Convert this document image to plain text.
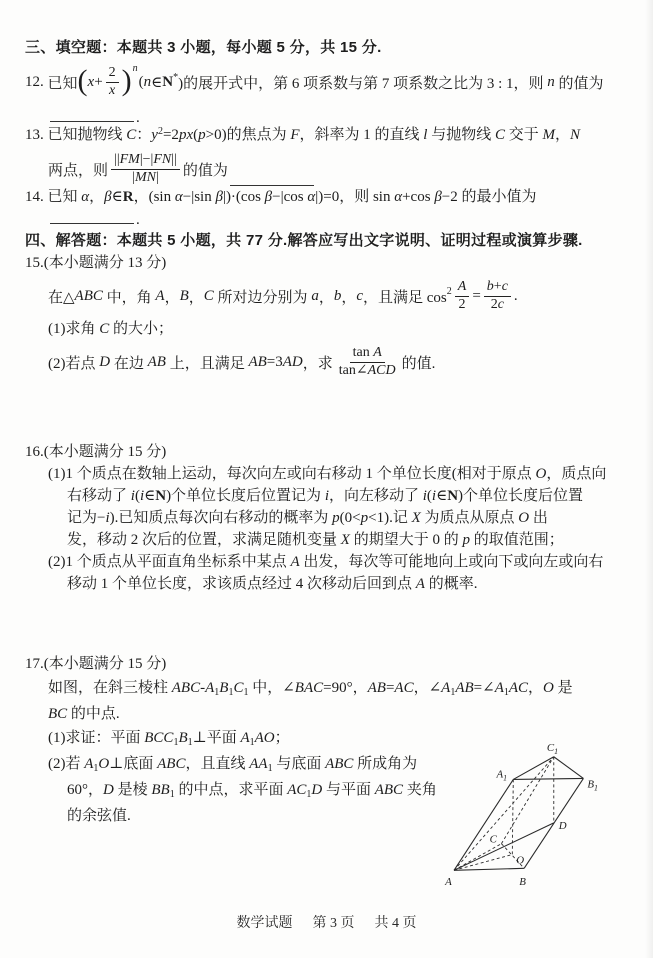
三、填空题：本题共 3 小题，每小题 5 分，共 15 分.
12. 已知 ( $x + \frac{2}{x}$ ) n
( n ∈ N * )的展开式中，第 6 项系数与第 7 项系数之比为 3 : 1，则 n 的值为
.
13. 已知抛物线 C：$y^2=2px(p>0)$的焦点为 F，斜率为 1 的直线 l 与抛物线 C 交于 M，N
两点，则 $\frac{|| FM |-| FN ||}{| MN |}$ 的值为
14. 已知 α，β∈R，(sin α−|sin β|)·(cos β−|cos α|)=0，则 sin α+cos β−2 的最小值为
.
四、解答题：本题共 5 小题，共 77 分.解答应写出文字说明、证明过程或演算步骤.
15.(本小题满分 13 分)
在△ ABC 中，角 A ， B ， C 所对边分别为 a ， b ， c ，且满足 $\cos 2 \frac{A}{2} = \frac{b + c}{2 c}$ .
(1)求角 C 的大小；
(2)若点 D 在边 AB 上，且满足 AB =3 AD ，求 $\frac{\text{tan A}}{\text{tan∠ ACD}}$ 的值.
16.(本小题满分 15 分)
(1)1 个质点在数轴上运动，每次向左或向右移动 1 个单位长度(相对于原点 O，质点向
右移动了 i(i∈N)个单位长度后位置记为 i，向左移动了 i(i∈N)个单位长度后位置
记为−i).已知质点每次向右移动的概率为 p(0<p<1).记 X 为质点从原点 O 出
发，移动 2 次后的位置，求满足随机变量 X 的期望大于 0 的 p 的取值范围；
(2)1 个质点从平面直角坐标系中某点 A 出发，每次等可能地向上或向下或向左或向右
移动 1 个单位长度，求该质点经过 4 次移动后回到点 A 的概率.
17.(本小题满分 15 分)
如图，在斜三棱柱 ABC-$A_1B_1C_1$ 中，∠BAC=90°，AB=AC，$\angle A_1AB=\angle A_1AC$，O 是
BC 的中点.
(1)求证：平面 $BCC_1B_1\perp$平面 $A_1AO$；
(2)若 $A_1O\perp$底面 ABC，且直线 $AA_1$ 与底面 ABC 所成角为
60°，D 是棱 $BB_1$ 的中点，求平面 $AC_1D$ 与平面 ABC 夹角
的余弦值.
$C_1$
$A_1$
$B_1$
D
C
O
A	B
数学试题 第 3 页 共 4 页
